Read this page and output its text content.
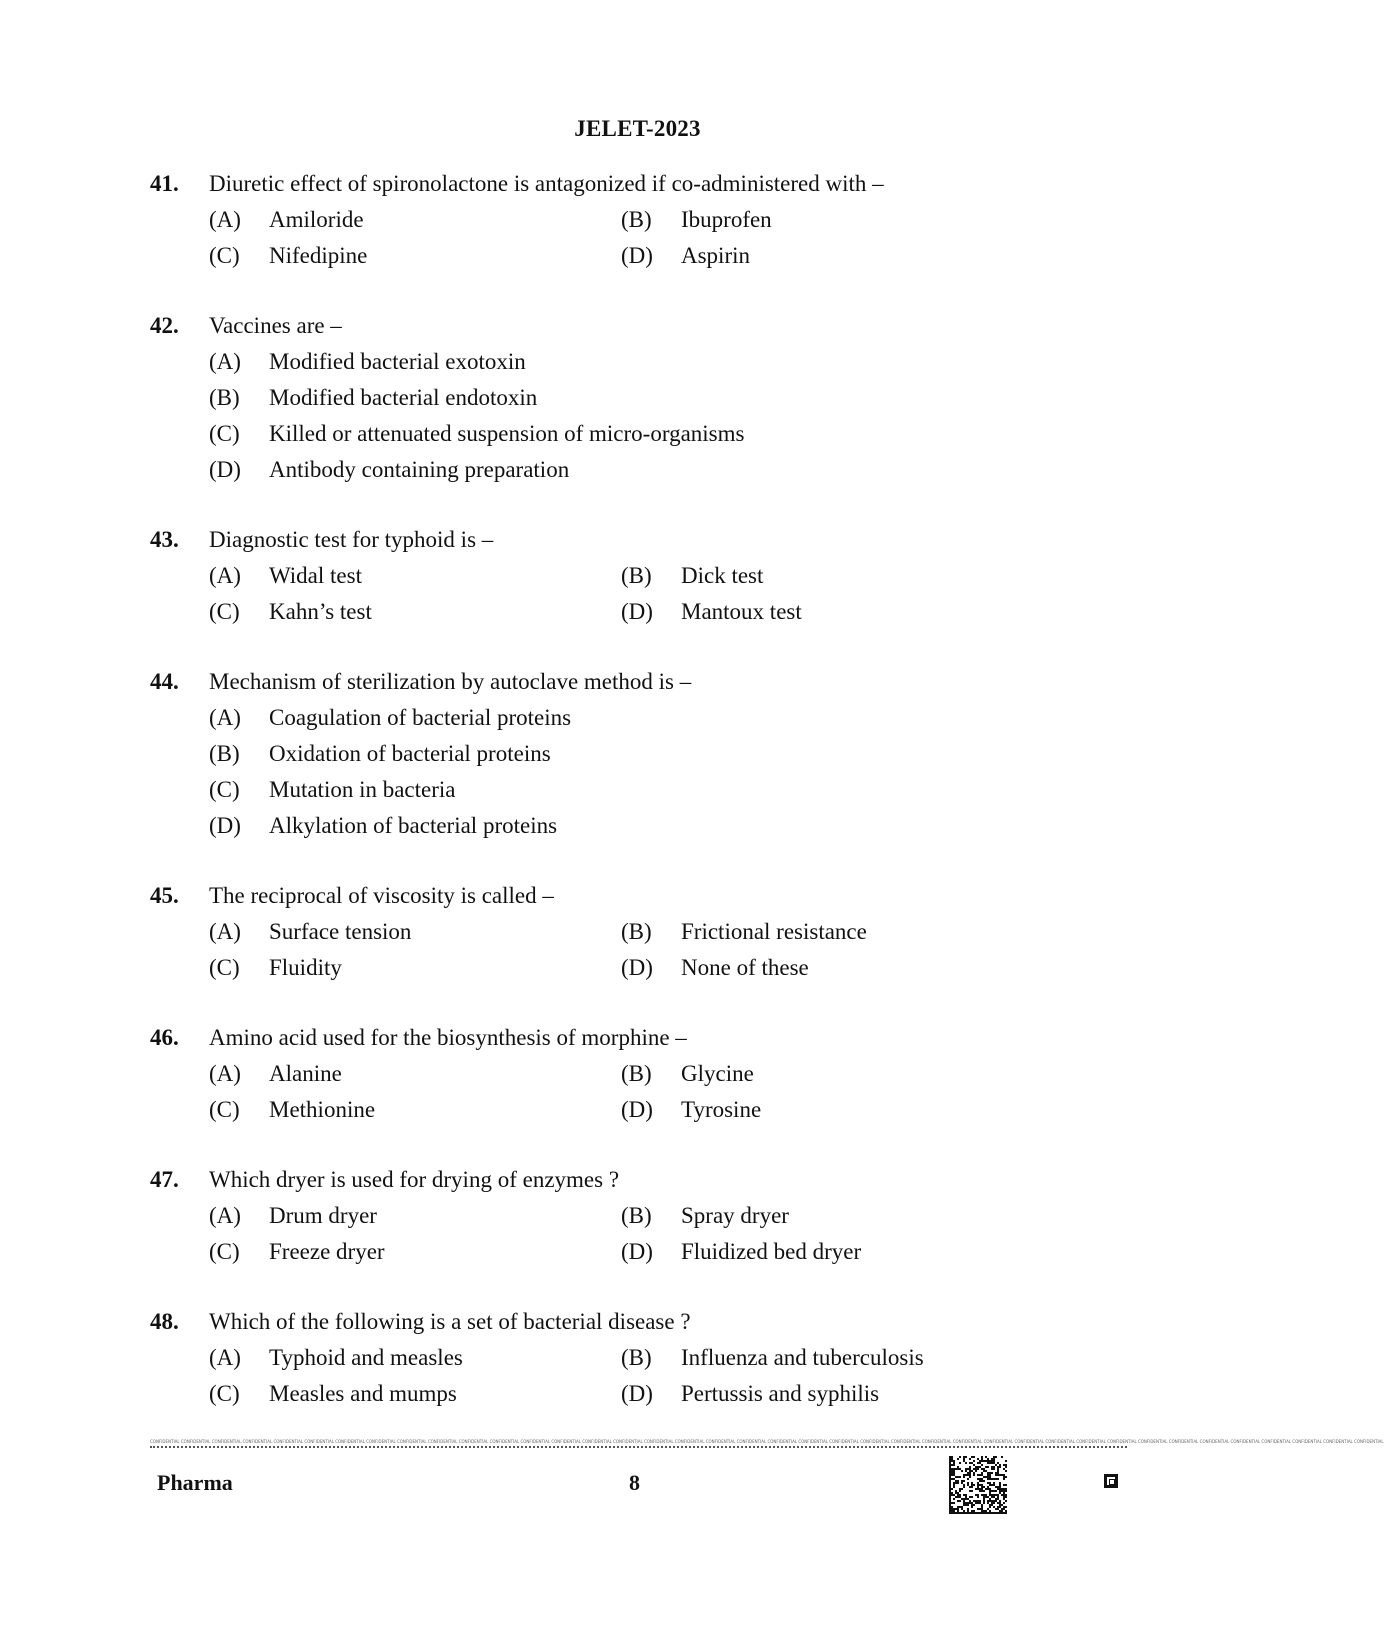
JELET-2023
41. Diuretic effect of spironolactone is antagonized if co-administered with –
(A) Amiloride	(B) Ibuprofen
(C) Nifedipine	(D) Aspirin
42. Vaccines are –
(A) Modified bacterial exotoxin
(B) Modified bacterial endotoxin
(C) Killed or attenuated suspension of micro-organisms
(D) Antibody containing preparation
43. Diagnostic test for typhoid is –
(A) Widal test	(B) Dick test
(C) Kahn’s test	(D) Mantoux test
44. Mechanism of sterilization by autoclave method is –
(A) Coagulation of bacterial proteins
(B) Oxidation of bacterial proteins
(C) Mutation in bacteria
(D) Alkylation of bacterial proteins
45. The reciprocal of viscosity is called –
(A) Surface tension	(B) Frictional resistance
(C) Fluidity	(D) None of these
46. Amino acid used for the biosynthesis of morphine –
(A) Alanine	(B) Glycine
(C) Methionine	(D) Tyrosine
47. Which dryer is used for drying of enzymes ?
(A) Drum dryer	(B) Spray dryer
(C) Freeze dryer	(D) Fluidized bed dryer
48. Which of the following is a set of bacterial disease ?
(A) Typhoid and measles	(B) Influenza and tuberculosis
(C) Measles and mumps	(D) Pertussis and syphilis
CONFIDENTIAL CONFIDENTIAL CONFIDENTIAL CONFIDENTIAL CONFIDENTIAL CONFIDENTIAL CONFIDENTIAL CONFIDENTIAL CONFIDENTIAL CONFIDENTIAL CONFIDENTIAL CONFIDENTIAL CONFIDENTIAL CONFIDENTIAL CONFIDENTIAL CONFIDENTIAL CONFIDENTIAL CONFIDENTIAL CONFIDENTIAL CONFIDENTIAL CONFIDENTIAL CONFIDENTIAL CONFIDENTIAL CONFIDENTIAL CONFIDENTIAL CONFIDENTIAL CONFIDENTIAL CONFIDENTIAL CONFIDENTIAL CONFIDENTIAL CONFIDENTIAL CONFIDENTIAL CONFIDENTIAL CONFIDENTIAL CONFIDENTIAL CONFIDENTIAL CONFIDENTIAL CONFIDENTIAL CONFIDENTIAL CONFIDENTIAL
Pharma	8
